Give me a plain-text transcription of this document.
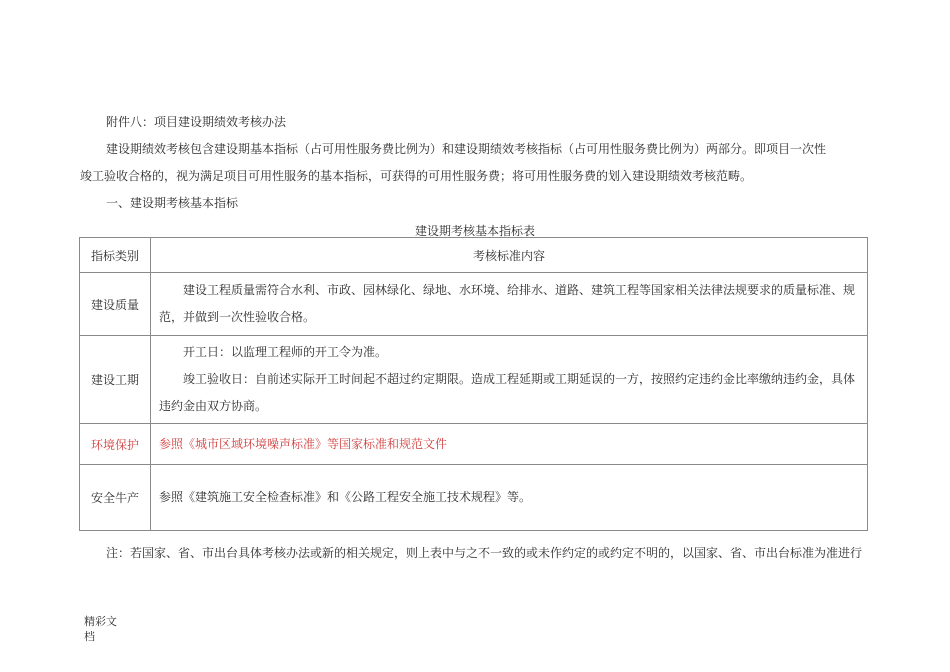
附件八：项目建设期绩效考核办法
建设期绩效考核包含建设期基本指标（占可用性服务费比例为）和建设期绩效考核指标（占可用性服务费比例为）两部分。即项目一次性
竣工验收合格的，视为满足项目可用性服务的基本指标，可获得的可用性服务费；将可用性服务费的划入建设期绩效考核范畴。
一、建设期考核基本指标
建设期考核基本指标表
指标类别	考核标准内容
建设质量	建设工程质量需符合水利、市政、园林绿化、绿地、水环境、给排水、道路、建筑工程等国家相关法律法规要求的质量标准、规
范，并做到一次性验收合格。

建设工期	开工日：以监理工程师的开工令为准。
竣工验收日：自前述实际开工时间起不超过约定期限。造成工程延期或工期延误的一方，按照约定违约金比率缴纳违约金，具体
违约金由双方协商。

环境保护	参照《城市区域环境噪声标准》等国家标准和规范文件

安全牛产	参照《建筑施工安全检查标准》和《公路工程安全施工技术规程》等。
注：若国家、省、市出台具体考核办法或新的相关规定，则上表中与之不一致的或未作约定的或约定不明的，以国家、省、市出台标准为准进行
精彩文
档
